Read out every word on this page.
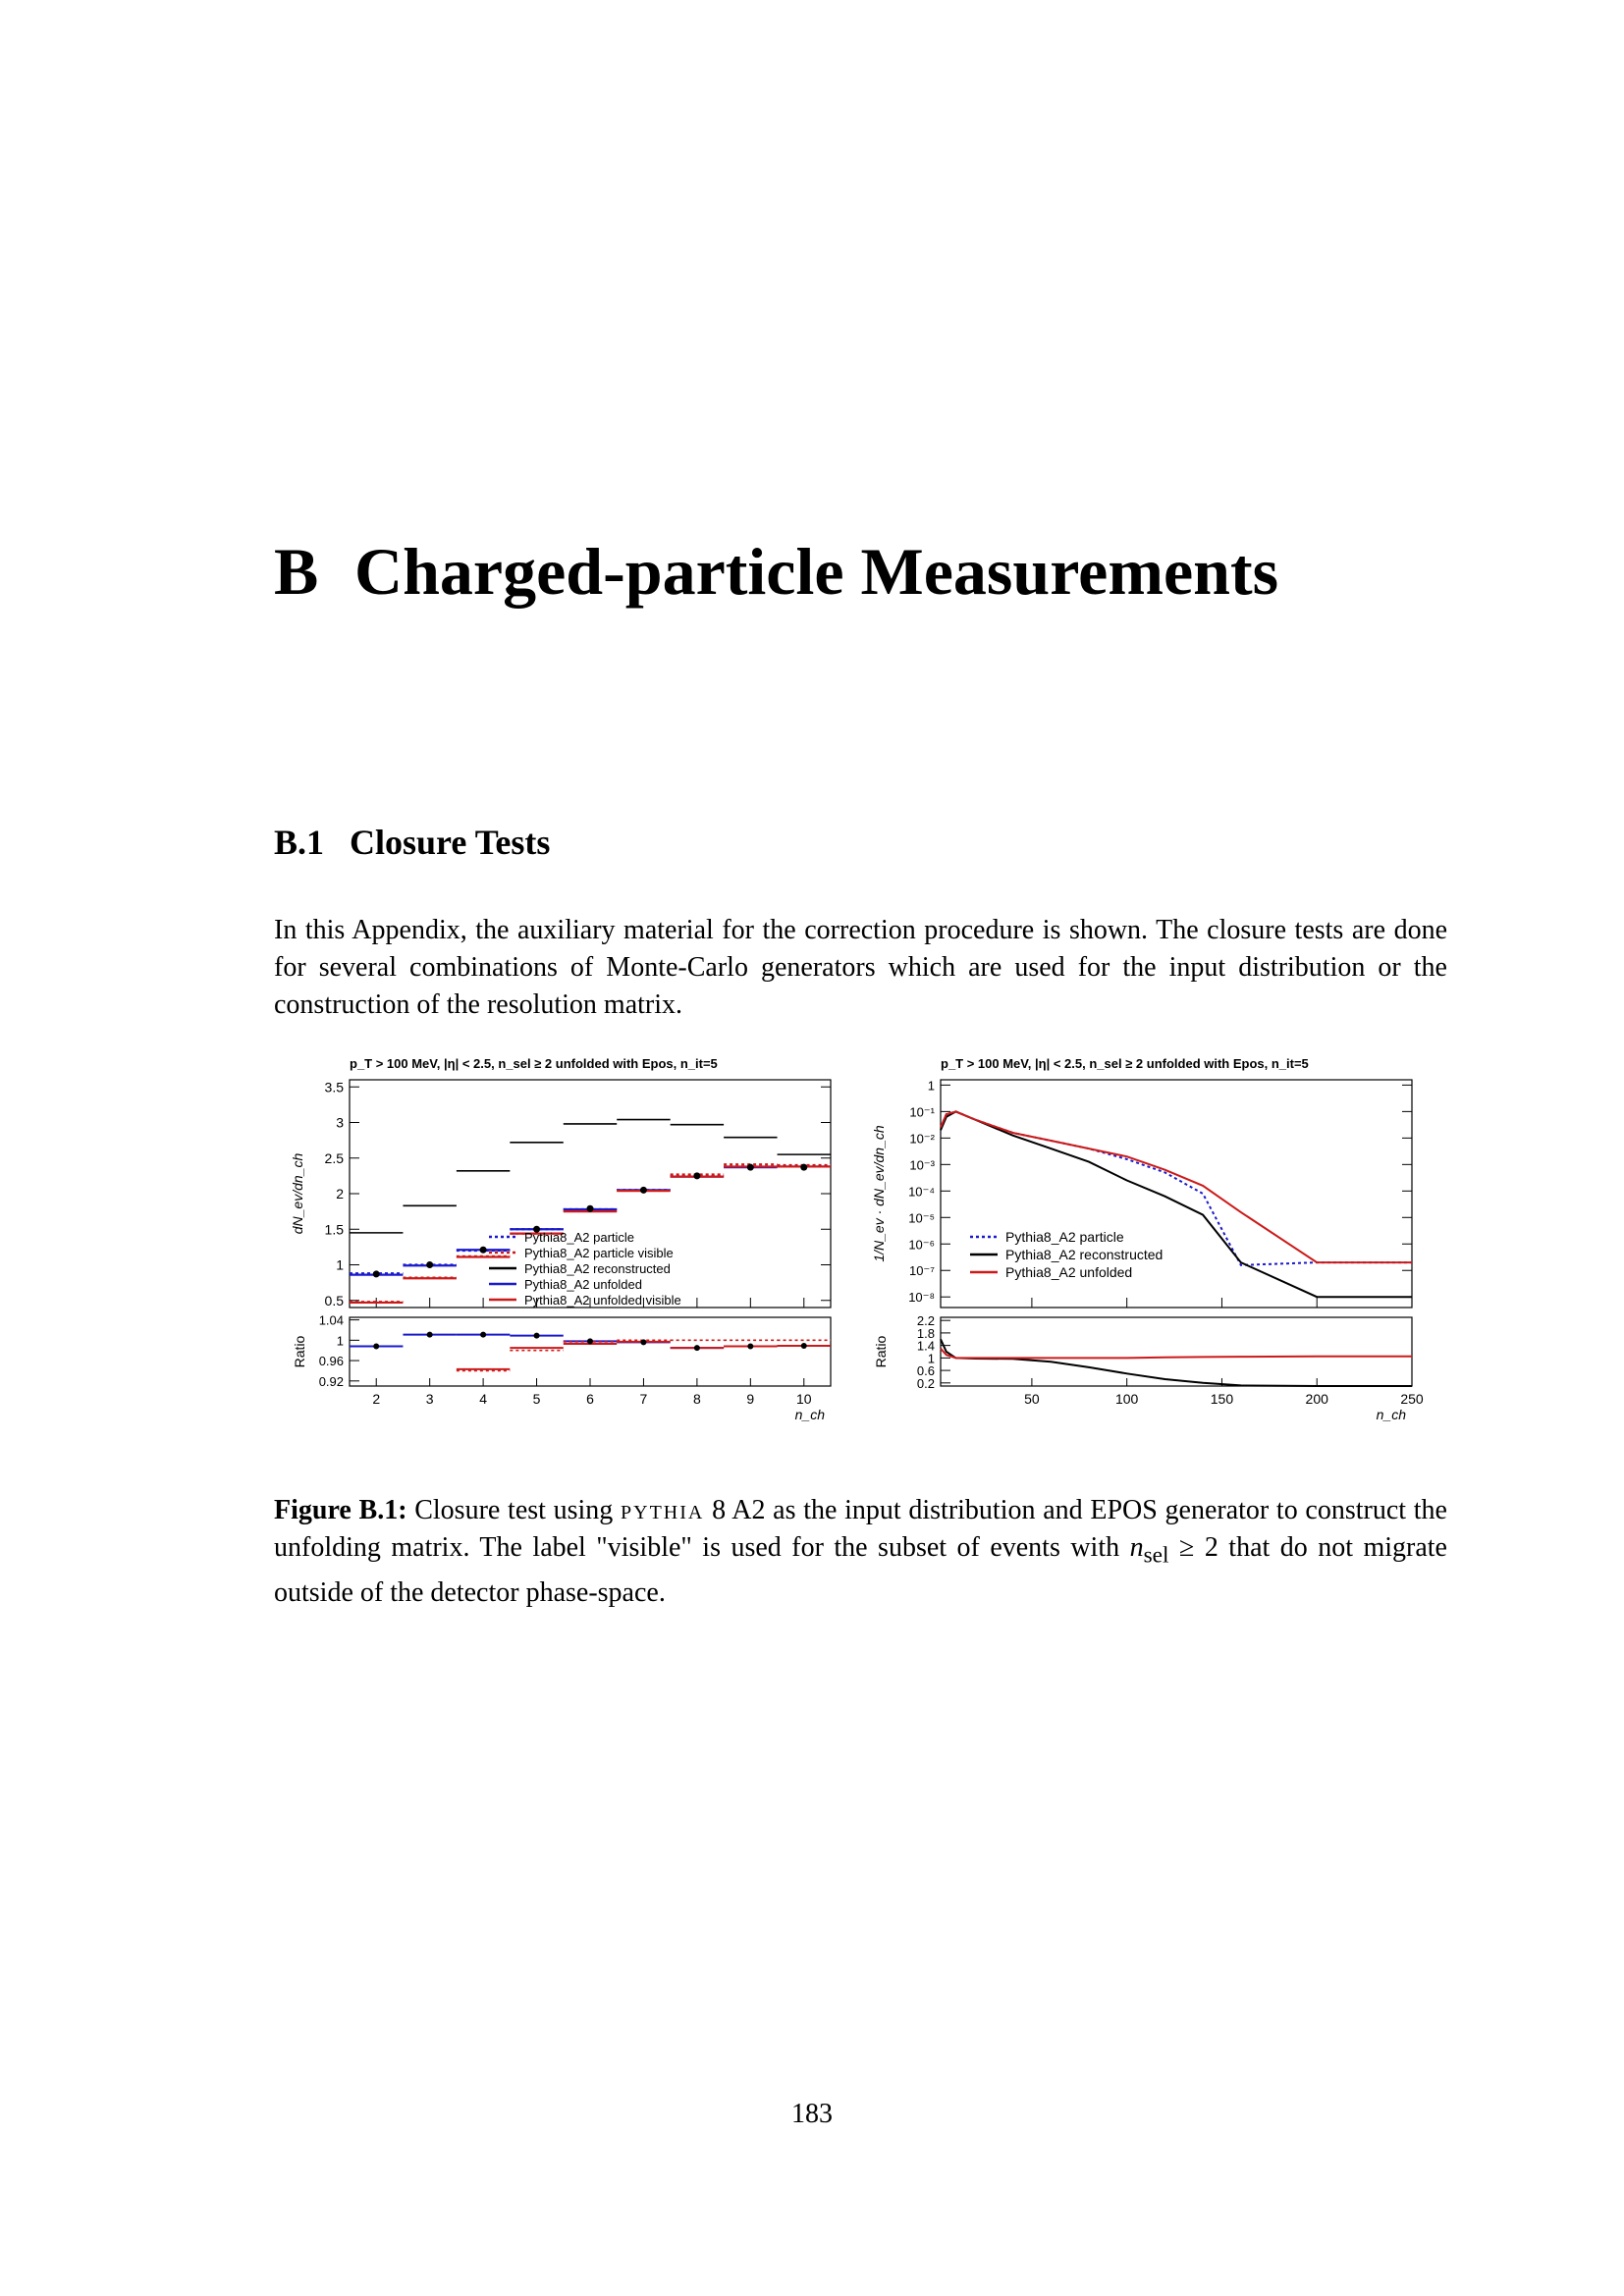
B Charged-particle Measurements
B.1 Closure Tests

In this Appendix, the auxiliary material for the correction procedure is shown. The closure tests are done for several combinations of Monte-Carlo generators which are used for the input distribution or the construction of the resolution matrix.

p_T > 100 MeV, |η| < 2.5, n_sel ≥ 2 unfolded with Epos, n_it=5
0.5
1
1.5
2
2.5
3
3.5
dN_ev/dn_ch
2	3	4	5	6	7	8	9	10
n_ch
Pythia8_A2 particle
Pythia8_A2 particle visible
Pythia8_A2 reconstructed
Pythia8_A2 unfolded
Pythia8_A2 unfolded visible
0.92
0.96
1
1.04
Ratio
p_T > 100 MeV, |η| < 2.5, n_sel ≥ 2 unfolded with Epos, n_it=5
1
10⁻¹
10⁻²
10⁻³
10⁻⁴
10⁻⁵
10⁻⁶
10⁻⁷
10⁻⁸
1/N_ev · dN_ev/dn_ch
50	100	150	200	250
n_ch
Pythia8_A2 particle
Pythia8_A2 reconstructed
Pythia8_A2 unfolded
0.2
0.6
1
1.4
1.8
2.2
Ratio

Figure B.1: Closure test using pythia 8 A2 as the input distribution and EPOS generator to construct the unfolding matrix. The label "visible" is used for the subset of events with $n_{sel} \ge 2$ that do not migrate outside of the detector phase-space.

183
